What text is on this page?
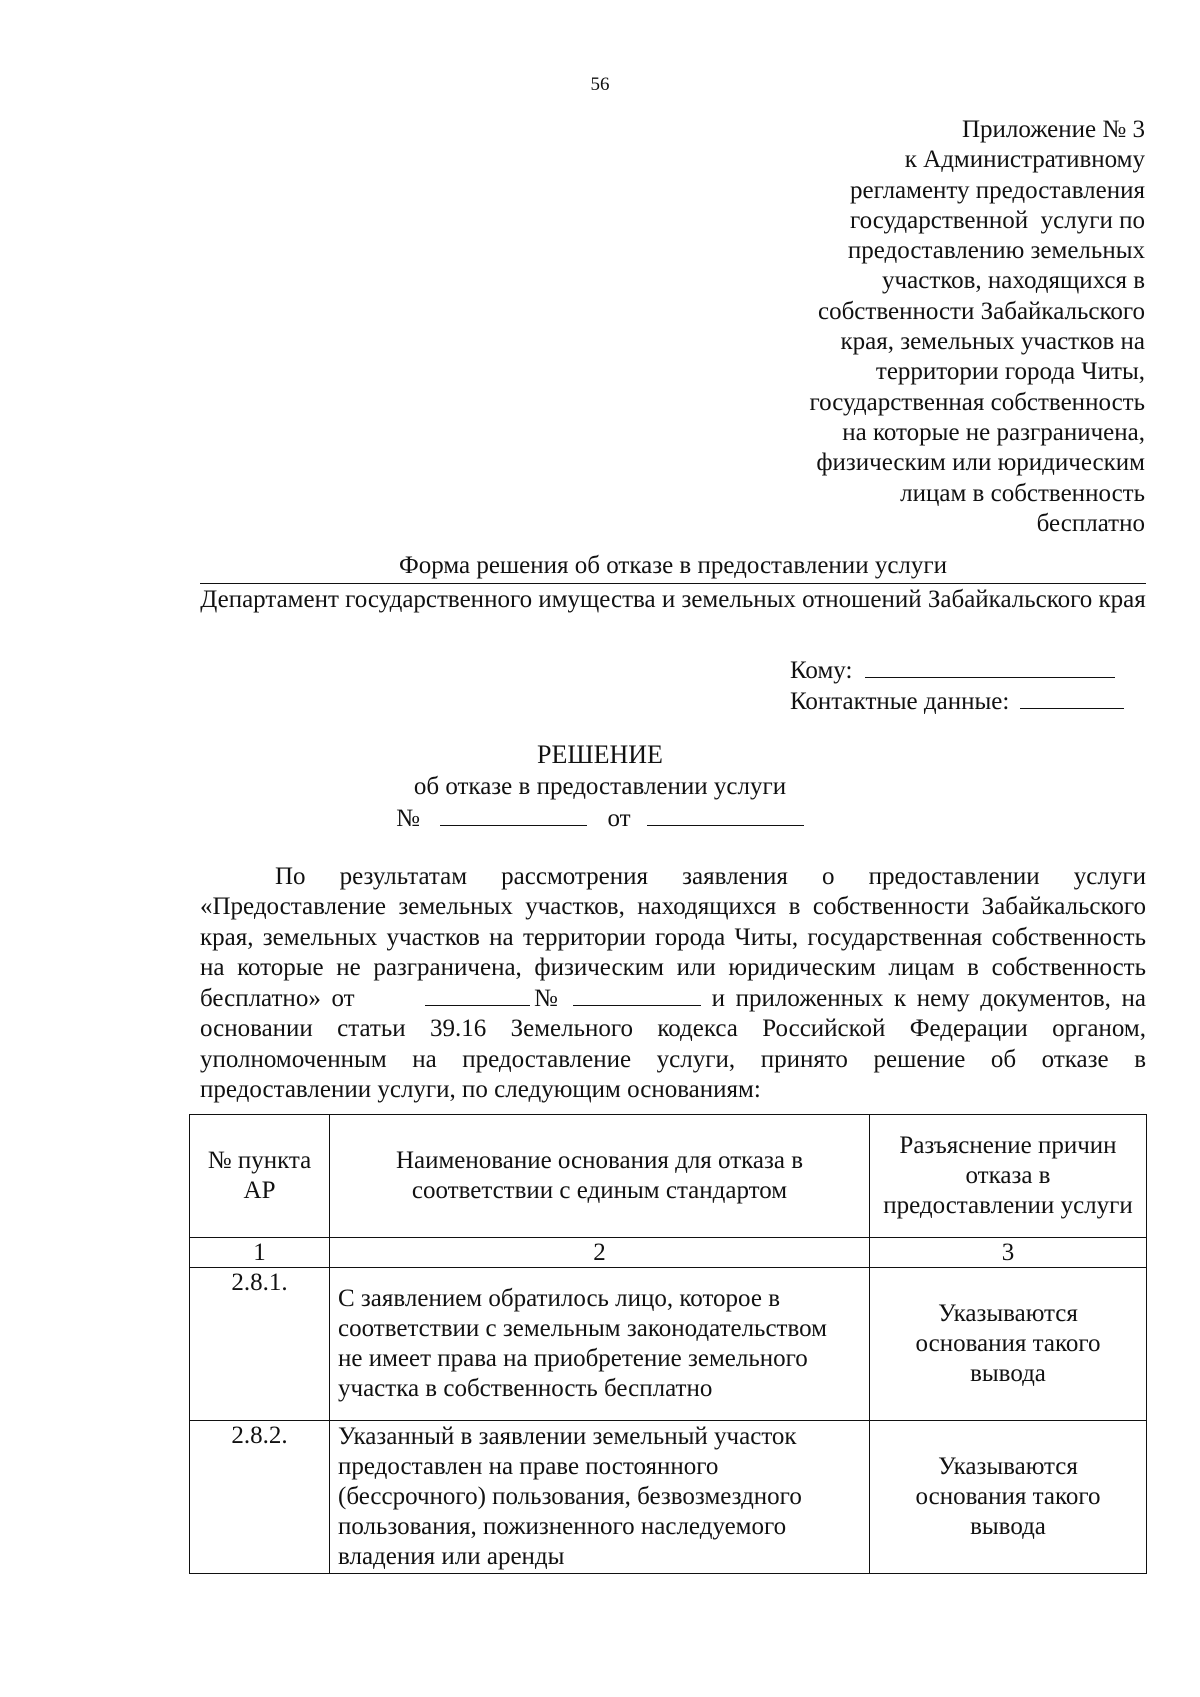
56
Приложение № 3
к Административному
регламенту предоставления
государственной  услуги по
предоставлению земельных
участков, находящихся в
собственности Забайкальского
края, земельных участков на
территории города Читы,
государственная собственность
на которые не разграничена,
физическим или юридическим
лицам в собственность
бесплатно
Форма решения об отказе в предоставлении услуги
Департамент государственного имущества и земельных отношений Забайкальского края
Кому:
Контактные данные:
РЕШЕНИЕ
об отказе в предоставлении услуги
№	от

По результатам рассмотрения заявления о предоставлении услуги «Предоставление земельных участков, находящихся в собственности Забайкальского края, земельных участков на территории города Читы, государственная собственность на которые не разграничена, физическим или юридическим лицам в собственность бесплатно» от	№	и приложенных к нему документов, на основании статьи 39.16 Земельного кодекса Российской Федерации органом, уполномоченным на предоставление услуги, принято решение об отказе в предоставлении услуги, по следующим основаниям:

№ пункта АР	Наименование основания для отказа в соответствии с единым стандартом	Разъяснение причин отказа в предоставлении услуги
1	2	3
2.8.1.	С заявлением обратилось лицо, которое в соответствии с земельным законодательством не имеет права на приобретение земельного участка в собственность бесплатно	Указываются основания такого вывода
2.8.2.	Указанный в заявлении земельный участок предоставлен на праве постоянного (бессрочного) пользования, безвозмездного пользования, пожизненного наследуемого владения или аренды	Указываются основания такого вывода
